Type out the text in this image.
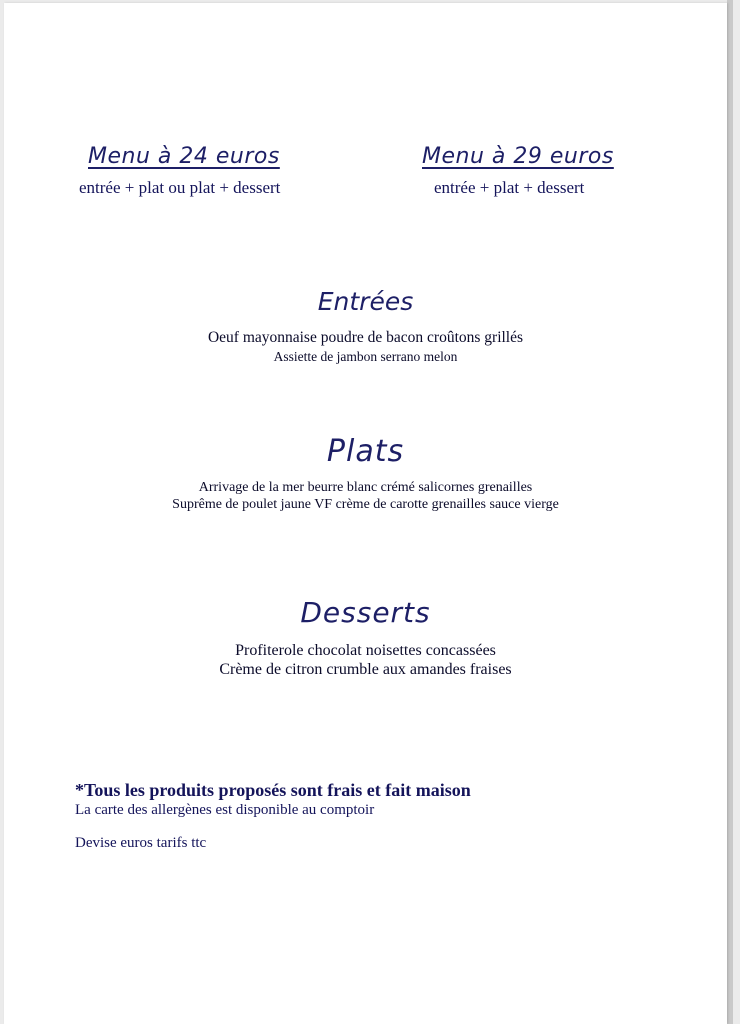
Menu à 24 euros
entrée + plat ou plat + dessert
Menu à 29 euros
entrée + plat + dessert
Entrées
Oeuf mayonnaise poudre de bacon croûtons grillés
Assiette de jambon serrano melon
Plats
Arrivage de la mer beurre blanc crémé salicornes grenailles
Suprême de poulet jaune VF crème de carotte grenailles sauce vierge
Desserts
Profiterole chocolat noisettes concassées
Crème de citron crumble aux amandes fraises
*Tous les produits proposés sont frais et fait maison
La carte des allergènes est disponible au comptoir
Devise euros tarifs ttc
